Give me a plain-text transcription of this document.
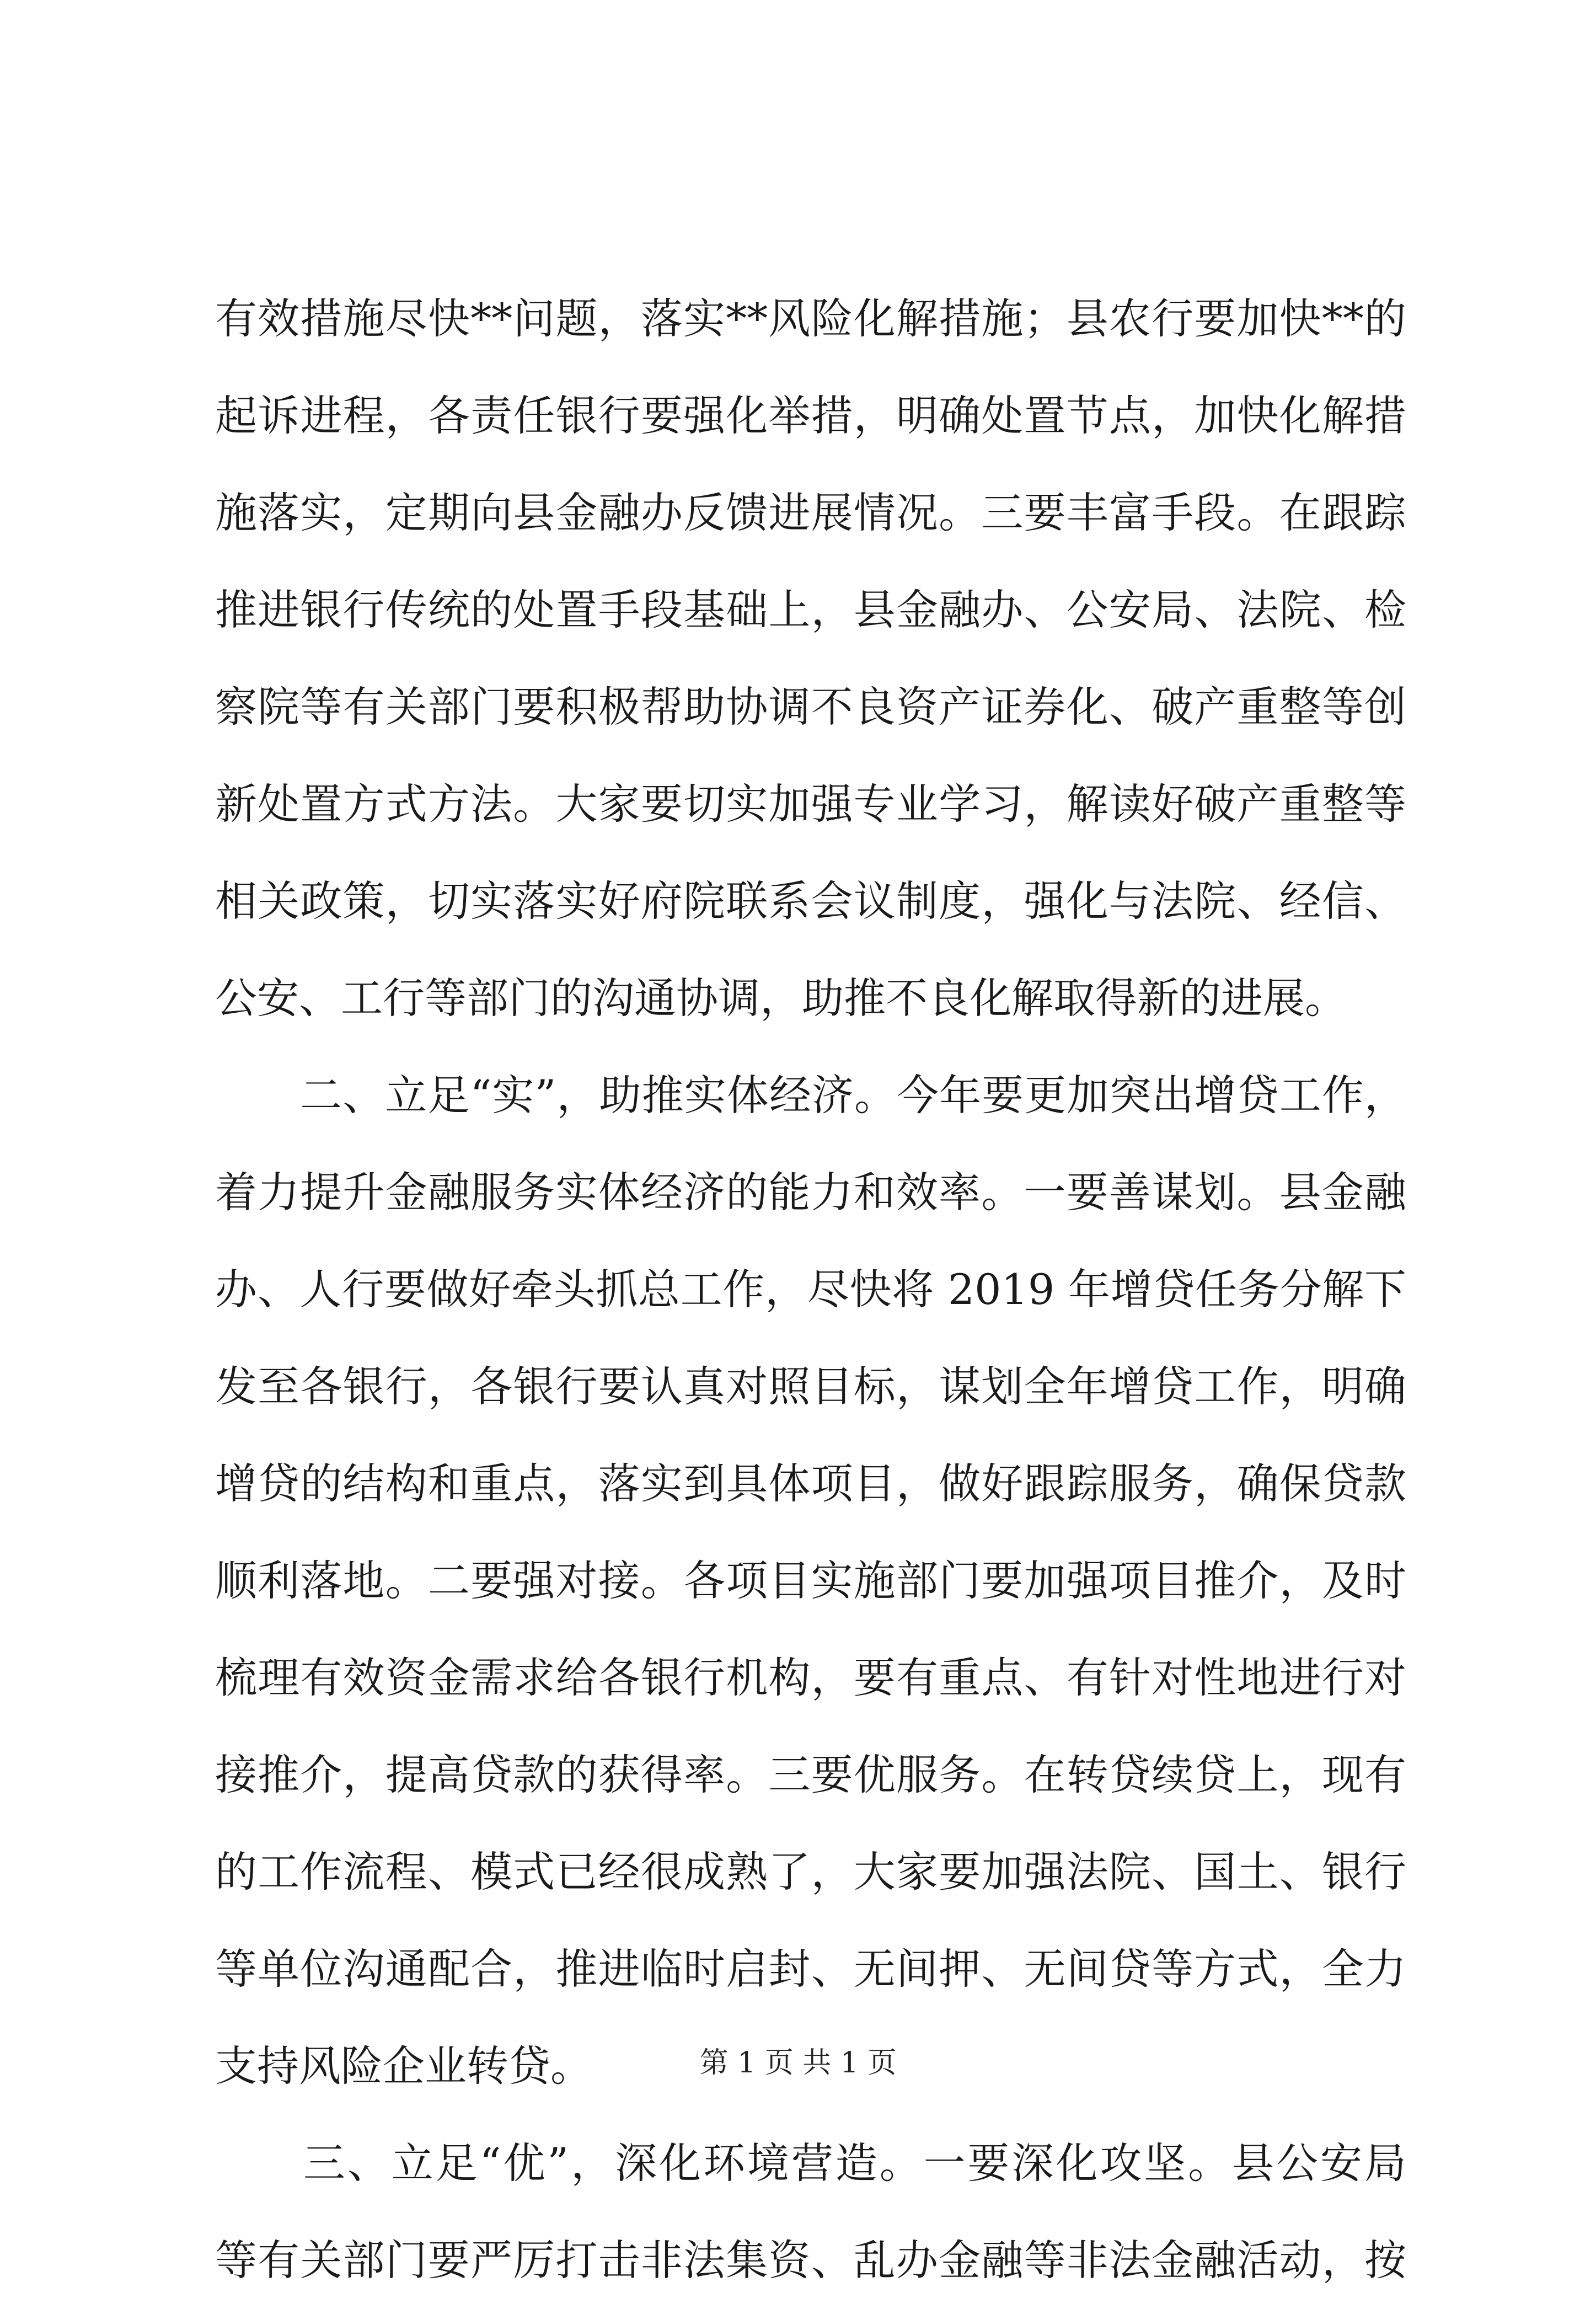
有效措施尽快**问题，落实**风险化解措施；县农行要加快**的
起诉进程，各责任银行要强化举措，明确处置节点，加快化解措
施落实，定期向县金融办反馈进展情况。三要丰富手段。在跟踪
推进银行传统的处置手段基础上，县金融办、公安局、法院、检
察院等有关部门要积极帮助协调不良资产证券化、破产重整等创
新处置方式方法。大家要切实加强专业学习，解读好破产重整等
相关政策，切实落实好府院联系会议制度，强化与法院、经信、
公安、工行等部门的沟通协调，助推不良化解取得新的进展。
　　二、立足“实”，助推实体经济。今年要更加突出增贷工作，
着力提升金融服务实体经济的能力和效率。一要善谋划。县金融
办、人行要做好牵头抓总工作，尽快将 2019 年增贷任务分解下
发至各银行，各银行要认真对照目标，谋划全年增贷工作，明确
增贷的结构和重点，落实到具体项目，做好跟踪服务，确保贷款
顺利落地。二要强对接。各项目实施部门要加强项目推介，及时
梳理有效资金需求给各银行机构，要有重点、有针对性地进行对
接推介，提高贷款的获得率。三要优服务。在转贷续贷上，现有
的工作流程、模式已经很成熟了，大家要加强法院、国土、银行
等单位沟通配合，推进临时启封、无间押、无间贷等方式，全力
支持风险企业转贷。
　　三、立足“优”，深化环境营造。一要深化攻坚。县公安局
等有关部门要严厉打击非法集资、乱办金融等非法金融活动，按
第 1 页 共 1 页
